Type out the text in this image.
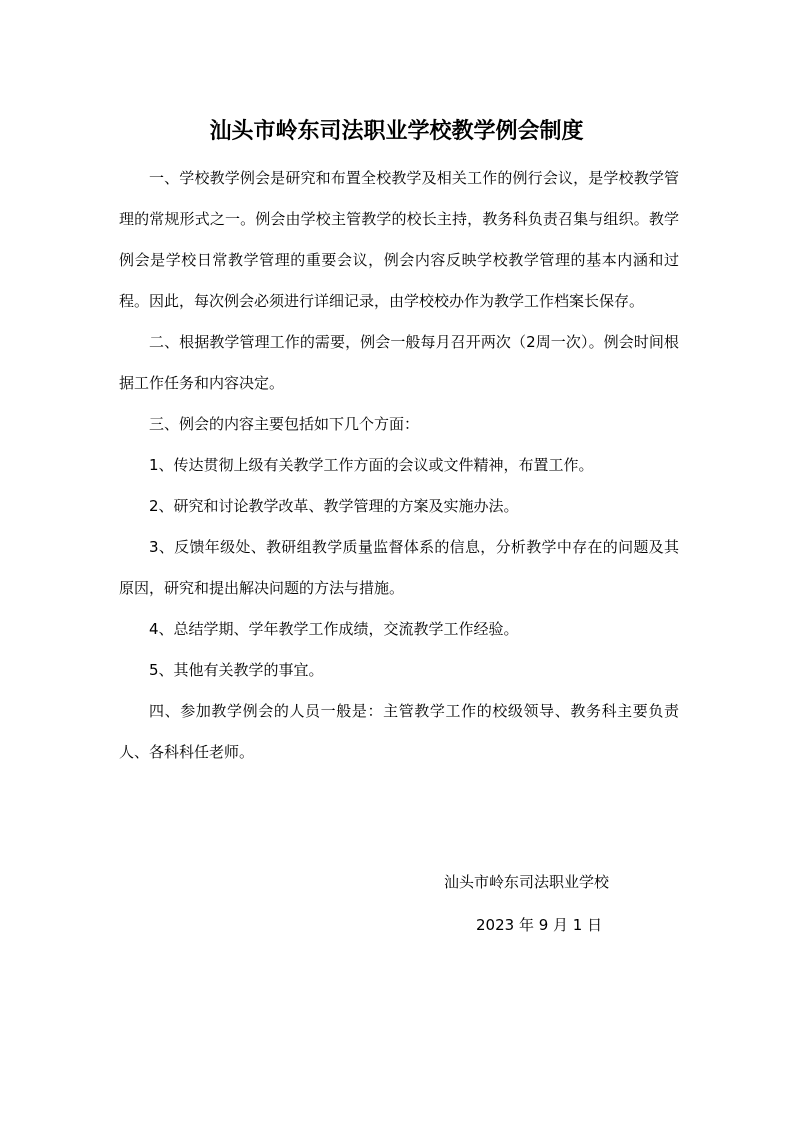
汕头市岭东司法职业学校教学例会制度

一、学校教学例会是研究和布置全校教学及相关工作的例行会议，是学校教学管理的常规形式之一。例会由学校主管教学的校长主持，教务科负责召集与组织。教学例会是学校日常教学管理的重要会议，例会内容反映学校教学管理的基本内涵和过程。因此，每次例会必须进行详细记录，由学校校办作为教学工作档案长保存。

二、根据教学管理工作的需要，例会一般每月召开两次（2周一次）。例会时间根据工作任务和内容决定。

三、例会的内容主要包括如下几个方面：

1、传达贯彻上级有关教学工作方面的会议或文件精神，布置工作。

2、研究和讨论教学改革、教学管理的方案及实施办法。

3、反馈年级处、教研组教学质量监督体系的信息，分析教学中存在的问题及其原因，研究和提出解决问题的方法与措施。

4、总结学期、学年教学工作成绩，交流教学工作经验。

5、其他有关教学的事宜。

四、参加教学例会的人员一般是：主管教学工作的校级领导、教务科主要负责人、各科科任老师。

汕头市岭东司法职业学校
2023 年 9 月 1 日
